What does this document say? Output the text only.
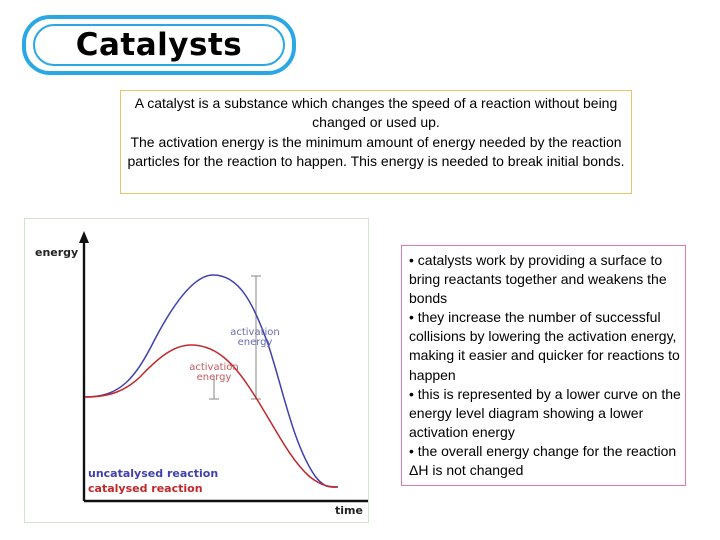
Catalysts

A catalyst is a substance which changes the speed of a reaction without being changed or used up.

The activation energy is the minimum amount of energy needed by the reaction particles for the reaction to happen. This energy is needed to break initial bonds.

energy
time
activation
energy
activation
energy
uncatalysed reaction
catalysed reaction

• catalysts work by providing a surface to bring reactants together and weakens the bonds

• they increase the number of successful collisions by lowering the activation energy, making it easier and quicker for reactions to happen

• this is represented by a lower curve on the energy level diagram showing a lower activation energy

• the overall energy change for the reaction ΔH is not changed
